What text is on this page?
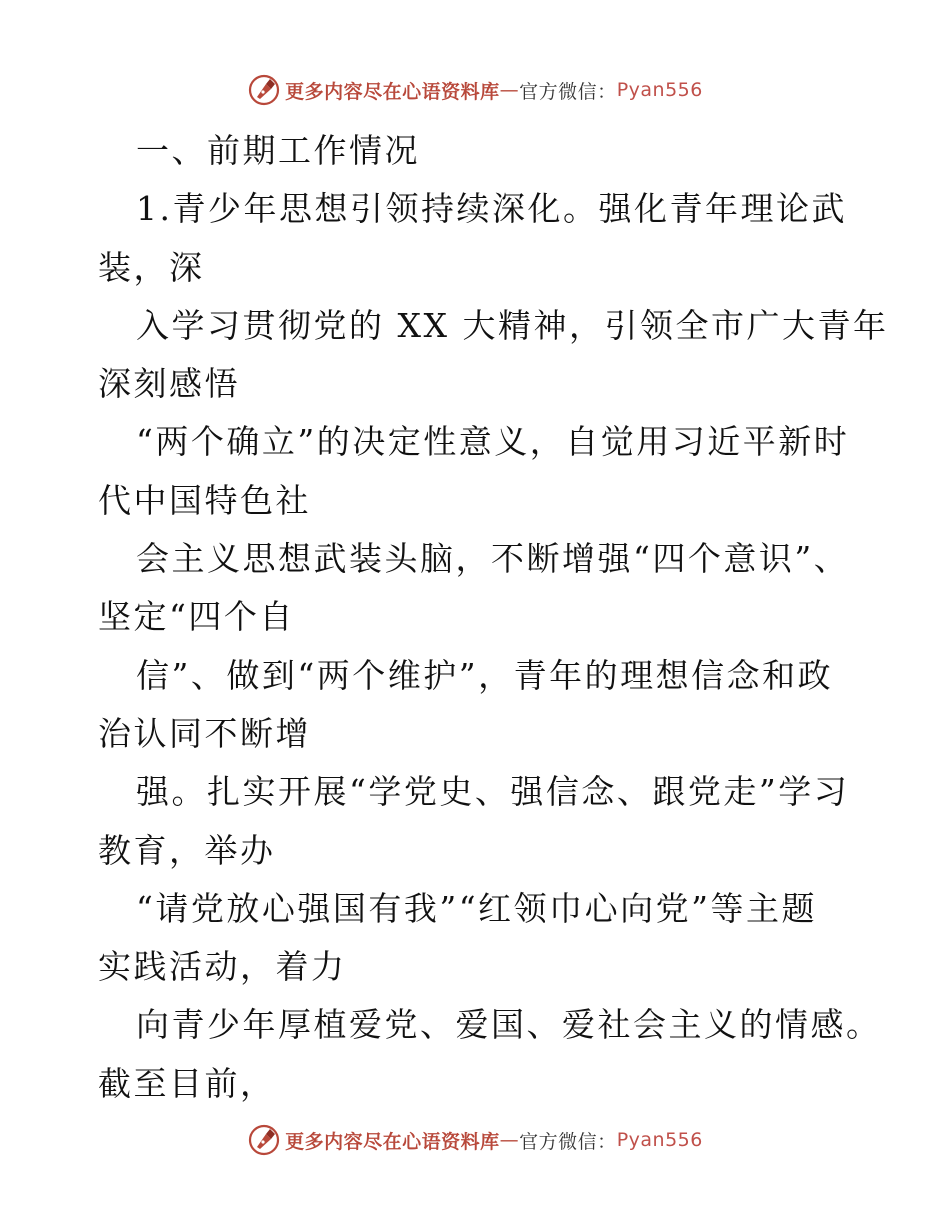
更多内容尽在心语资料库 — 官方微信： Pyan556
一、前期工作情况
1.青少年思想引领持续深化。强化青年理论武
装，深
入学习贯彻党的 XX 大精神，引领全市广大青年
深刻感悟
“两个确立”的决定性意义，自觉用习近平新时
代中国特色社
会主义思想武装头脑，不断增强“四个意识”、
坚定“四个自
信”、做到“两个维护”，青年的理想信念和政
治认同不断增
强。扎实开展“学党史、强信念、跟党走”学习
教育，举办
“请党放心强国有我”“红领巾心向党”等主题
实践活动，着力
向青少年厚植爱党、爱国、爱社会主义的情感。
截至目前，
更多内容尽在心语资料库 — 官方微信： Pyan556
